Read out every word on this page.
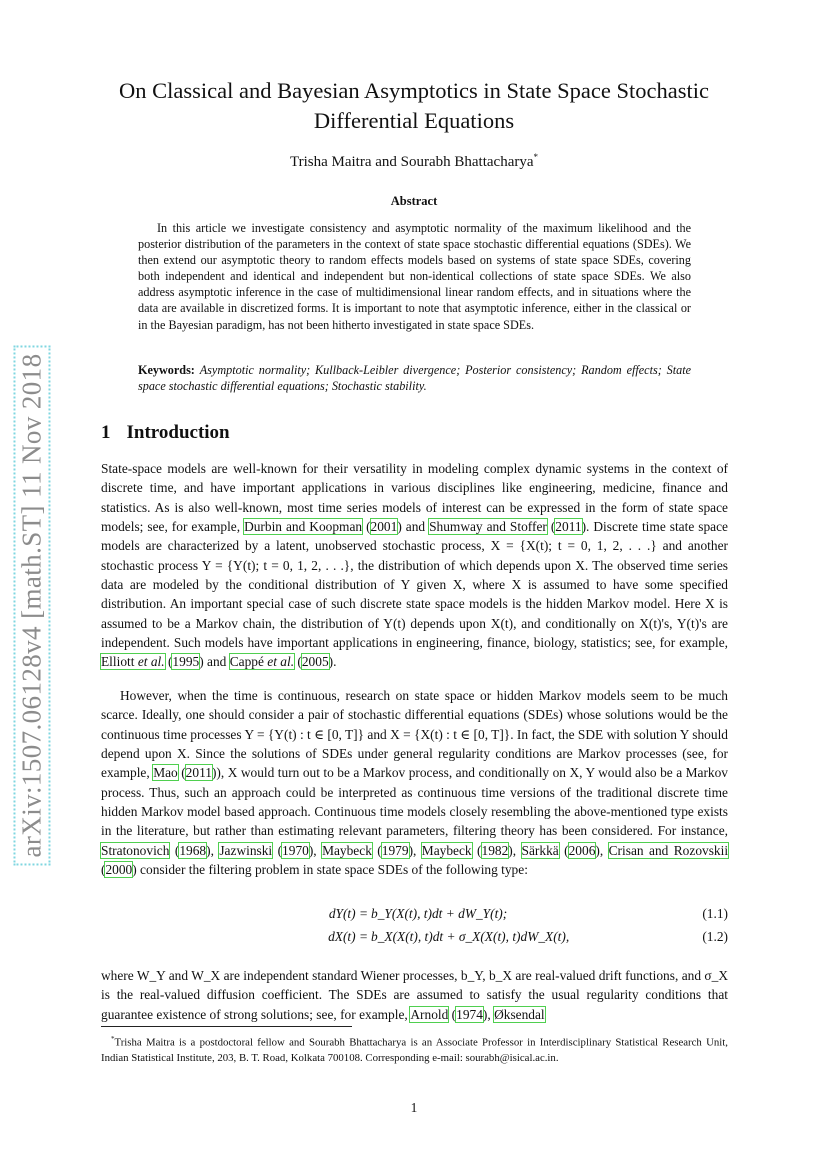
arXiv:1507.06128v4 [math.ST] 11 Nov 2018
On Classical and Bayesian Asymptotics in State Space Stochastic Differential Equations
Trisha Maitra and Sourabh Bhattacharya*
Abstract

In this article we investigate consistency and asymptotic normality of the maximum likelihood and the posterior distribution of the parameters in the context of state space stochastic differential equations (SDEs). We then extend our asymptotic theory to random effects models based on systems of state space SDEs, covering both independent and identical and independent but non-identical collections of state space SDEs. We also address asymptotic inference in the case of multidimensional linear random effects, and in situations where the data are available in discretized forms. It is important to note that asymptotic inference, either in the classical or in the Bayesian paradigm, has not been hitherto investigated in state space SDEs.

Keywords: Asymptotic normality; Kullback-Leibler divergence; Posterior consistency; Random effects; State space stochastic differential equations; Stochastic stability.

1 Introduction

State-space models are well-known for their versatility in modeling complex dynamic systems in the context of discrete time, and have important applications in various disciplines like engineering, medicine, finance and statistics. As is also well-known, most time series models of interest can be expressed in the form of state space models; see, for example, Durbin and Koopman (2001) and Shumway and Stoffer (2011). Discrete time state space models are characterized by a latent, unobserved stochastic process, X = {X(t); t = 0, 1, 2, . . .} and another stochastic process Y = {Y(t); t = 0, 1, 2, . . .}, the distribution of which depends upon X. The observed time series data are modeled by the conditional distribution of Y given X, where X is assumed to have some specified distribution. An important special case of such discrete state space models is the hidden Markov model. Here X is assumed to be a Markov chain, the distribution of Y(t) depends upon X(t), and conditionally on X(t)'s, Y(t)'s are independent. Such models have important applications in engineering, finance, biology, statistics; see, for example, Elliott et al. (1995) and Cappé et al. (2005).

However, when the time is continuous, research on state space or hidden Markov models seem to be much scarce. Ideally, one should consider a pair of stochastic differential equations (SDEs) whose solutions would be the continuous time processes Y = {Y(t) : t ∈ [0, T]} and X = {X(t) : t ∈ [0, T]}. In fact, the SDE with solution Y should depend upon X. Since the solutions of SDEs under general regularity conditions are Markov processes (see, for example, Mao (2011)), X would turn out to be a Markov process, and conditionally on X, Y would also be a Markov process. Thus, such an approach could be interpreted as continuous time versions of the traditional discrete time hidden Markov model based approach. Continuous time models closely resembling the above-mentioned type exists in the literature, but rather than estimating relevant parameters, filtering theory has been considered. For instance, Stratonovich (1968), Jazwinski (1970), Maybeck (1979), Maybeck (1982), Särkkä (2006), Crisan and Rozovskii (2000) consider the filtering problem in state space SDEs of the following type:

dY(t) = b_Y(X(t), t)dt + dW_Y(t);	(1.1)
dX(t) = b_X(X(t), t)dt + σ_X(X(t), t)dW_X(t),	(1.2)

where W_Y and W_X are independent standard Wiener processes, b_Y, b_X are real-valued drift functions, and σ_X is the real-valued diffusion coefficient. The SDEs are assumed to satisfy the usual regularity conditions that guarantee existence of strong solutions; see, for example, Arnold (1974), Øksendal

*Trisha Maitra is a postdoctoral fellow and Sourabh Bhattacharya is an Associate Professor in Interdisciplinary Statistical Research Unit, Indian Statistical Institute, 203, B. T. Road, Kolkata 700108. Corresponding e-mail: sourabh@isical.ac.in.

1
